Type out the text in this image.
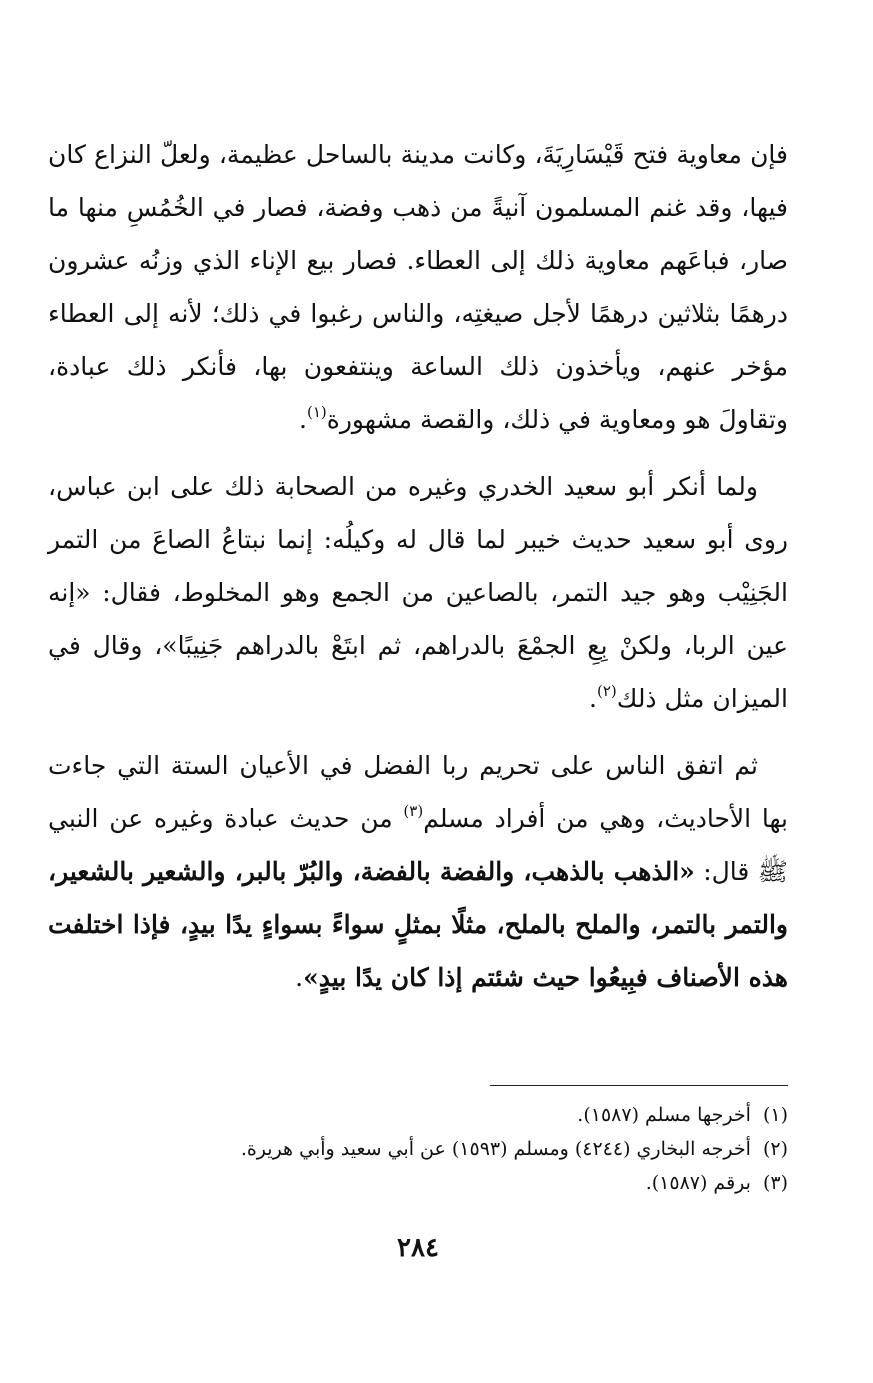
فإن معاوية فتح قَيْسَارِيَةَ، وكانت مدينة بالساحل عظيمة، ولعلّ النزاع كان فيها، وقد غنم المسلمون آنيةً من ذهب وفضة، فصار في الخُمُسِ منها ما صار، فباعَهم معاوية ذلك إلى العطاء. فصار بيع الإناء الذي وزنُه عشرون درهمًا بثلاثين درهمًا لأجل صيغتِه، والناس رغبوا في ذلك؛ لأنه إلى العطاء مؤخر عنهم، ويأخذون ذلك الساعة وينتفعون بها، فأنكر ذلك عبادة، وتقاولَ هو ومعاوية في ذلك، والقصة مشهورة$^{(١)}$.

ولما أنكر أبو سعيد الخدري وغيره من الصحابة ذلك على ابن عباس، روى أبو سعيد حديث خيبر لما قال له وكيلُه: إنما نبتاعُ الصاعَ من التمر الجَنِيْب وهو جيد التمر، بالصاعين من الجمع وهو المخلوط، فقال: «إنه عين الربا، ولكنْ بِعِ الجمْعَ بالدراهم، ثم ابتَعْ بالدراهم جَنِيبًا»، وقال في الميزان مثل ذلك$^{(٢)}$.

ثم اتفق الناس على تحريم ربا الفضل في الأعيان الستة التي جاءت بها الأحاديث، وهي من أفراد مسلم$^{(٣)}$ من حديث عبادة وغيره عن النبي ﷺ قال: «الذهب بالذهب، والفضة بالفضة، والبُرّ بالبر، والشعير بالشعير، والتمر بالتمر، والملح بالملح، مثلًا بمثلٍ سواءً بسواءٍ يدًا بيدٍ، فإذا اختلفت هذه الأصناف فبِيعُوا حيث شئتم إذا كان يدًا بيدٍ».

(١)أخرجها مسلم (١٥٨٧).
(٢)أخرجه البخاري (٤٢٤٤) ومسلم (١٥٩٣) عن أبي سعيد وأبي هريرة.
(٣)برقم (١٥٨٧).
٢٨٤
